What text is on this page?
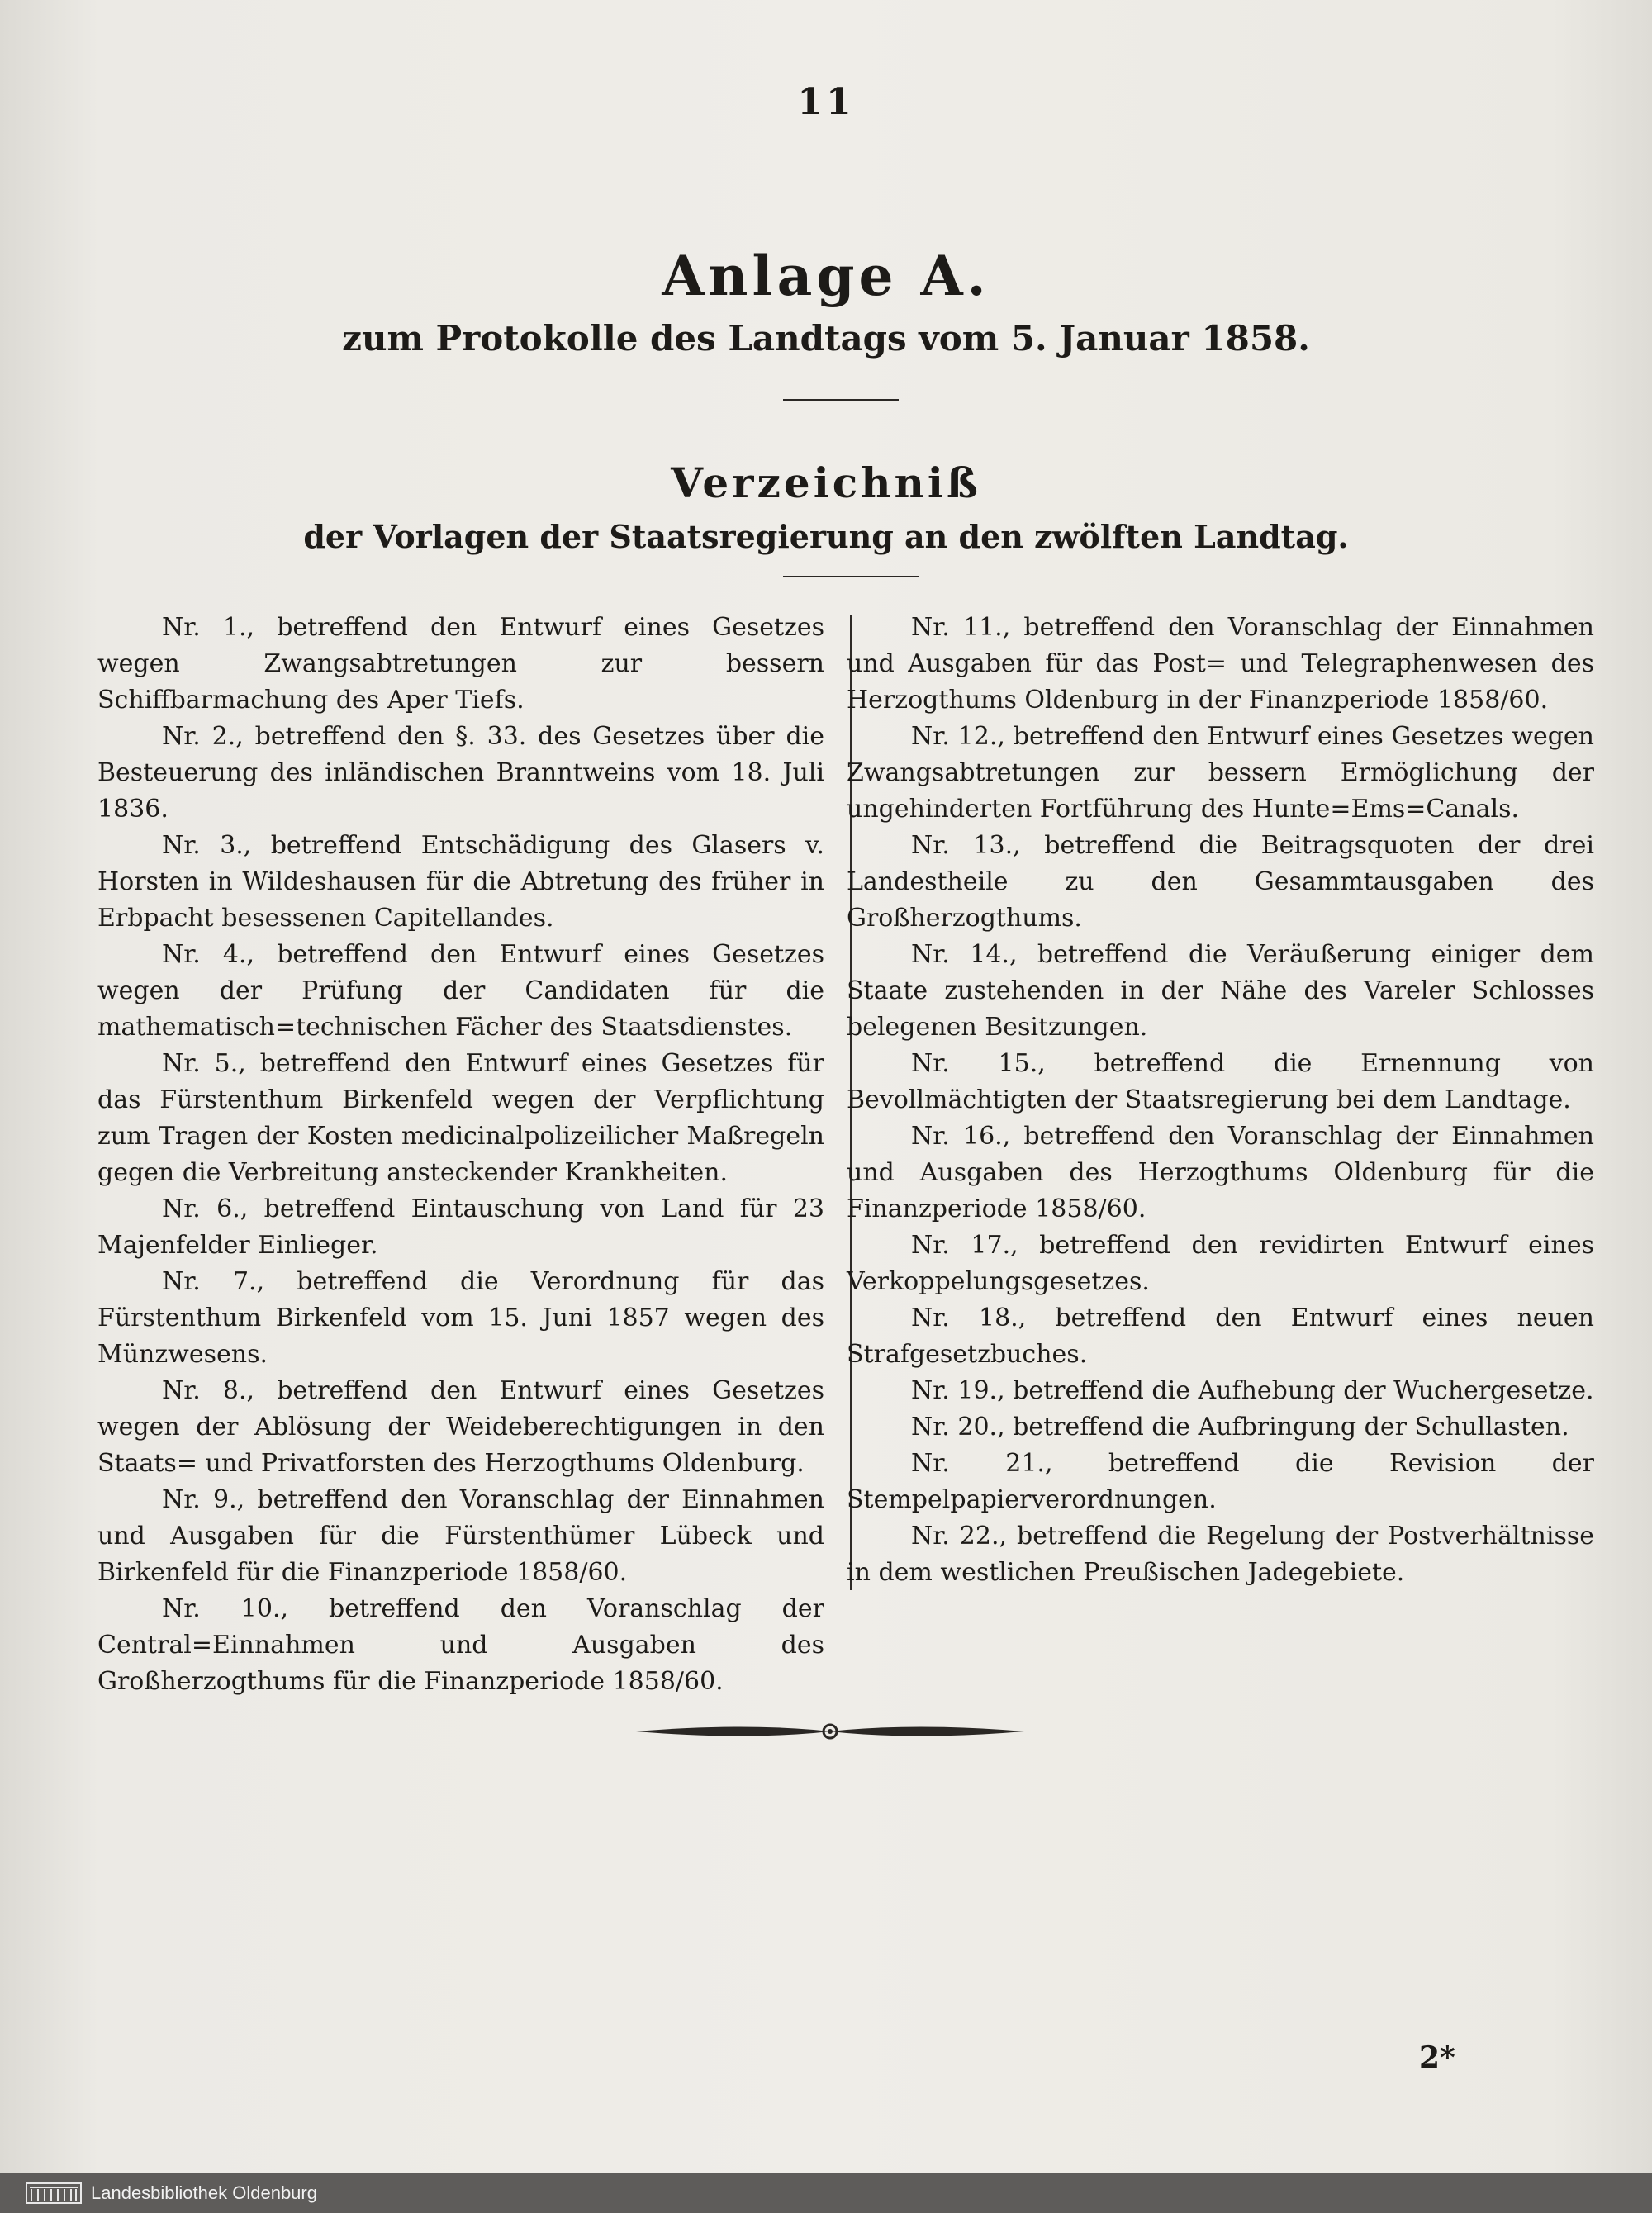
11
Anlage A.
zum Protokolle des Landtags vom 5. Januar 1858.
Verzeichniß
der Vorlagen der Staatsregierung an den zwölften Landtag.

Nr. 1., betreffend den Entwurf eines Gesetzes wegen Zwangsabtretungen zur bessern Schiffbarmachung des Aper Tiefs.

Nr. 2., betreffend den §. 33. des Gesetzes über die Besteuerung des inländischen Branntweins vom 18. Juli 1836.

Nr. 3., betreffend Entschädigung des Glasers v. Horsten in Wildeshausen für die Abtretung des früher in Erbpacht besessenen Capitellandes.

Nr. 4., betreffend den Entwurf eines Gesetzes wegen der Prüfung der Candidaten für die mathematisch=technischen Fächer des Staatsdienstes.

Nr. 5., betreffend den Entwurf eines Gesetzes für das Fürstenthum Birkenfeld wegen der Verpflichtung zum Tragen der Kosten medicinalpolizeilicher Maßregeln gegen die Verbreitung ansteckender Krankheiten.

Nr. 6., betreffend Eintauschung von Land für 23 Majenfelder Einlieger.

Nr. 7., betreffend die Verordnung für das Fürstenthum Birkenfeld vom 15. Juni 1857 wegen des Münzwesens.

Nr. 8., betreffend den Entwurf eines Gesetzes wegen der Ablösung der Weideberechtigungen in den Staats= und Privatforsten des Herzogthums Oldenburg.

Nr. 9., betreffend den Voranschlag der Einnahmen und Ausgaben für die Fürstenthümer Lübeck und Birkenfeld für die Finanzperiode 1858/60.

Nr. 10., betreffend den Voranschlag der Central=Einnahmen und Ausgaben des Großherzogthums für die Finanzperiode 1858/60.

Nr. 11., betreffend den Voranschlag der Einnahmen und Ausgaben für das Post= und Telegraphenwesen des Herzogthums Oldenburg in der Finanzperiode 1858/60.

Nr. 12., betreffend den Entwurf eines Gesetzes wegen Zwangsabtretungen zur bessern Ermöglichung der ungehinderten Fortführung des Hunte=Ems=Canals.

Nr. 13., betreffend die Beitragsquoten der drei Landestheile zu den Gesammtausgaben des Großherzogthums.

Nr. 14., betreffend die Veräußerung einiger dem Staate zustehenden in der Nähe des Vareler Schlosses belegenen Besitzungen.

Nr. 15., betreffend die Ernennung von Bevollmächtigten der Staatsregierung bei dem Landtage.

Nr. 16., betreffend den Voranschlag der Einnahmen und Ausgaben des Herzogthums Oldenburg für die Finanzperiode 1858/60.

Nr. 17., betreffend den revidirten Entwurf eines Verkoppelungsgesetzes.

Nr. 18., betreffend den Entwurf eines neuen Strafgesetzbuches.

Nr. 19., betreffend die Aufhebung der Wuchergesetze.

Nr. 20., betreffend die Aufbringung der Schullasten.

Nr. 21., betreffend die Revision der Stempelpapierverordnungen.

Nr. 22., betreffend die Regelung der Postverhältnisse in dem westlichen Preußischen Jadegebiete.

2*
Landesbibliothek Oldenburg
